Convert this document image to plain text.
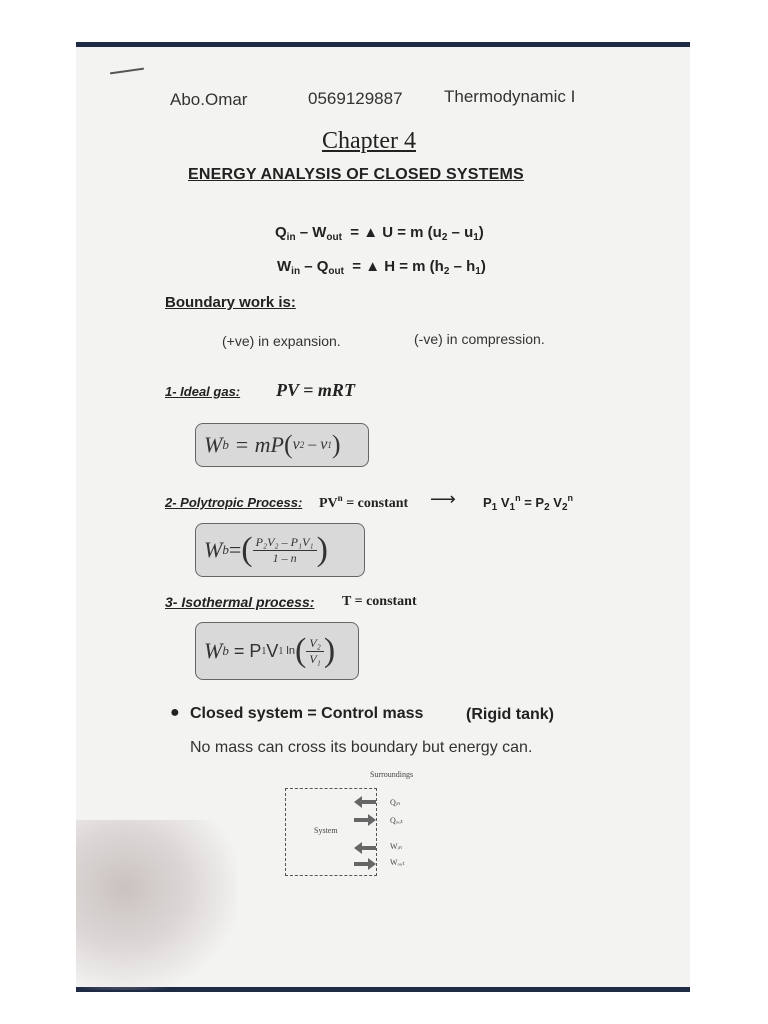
Abo.Omar	0569129887 Thermodynamic I
Chapter 4
ENERGY ANALYSIS OF CLOSED SYSTEMS
$Q_{in} - W_{out}$  = ▲ U = m $(u_2 - u_1)$
$W_{in} - Q_{out}$  = ▲ H = m $(h_2 - h_1)$
Boundary work is:
(+ve) in expansion.	(-ve) in compression.
1- Ideal gas: PV = mRT
W b = mP ( v 2 – v 1 )
2- Polytropic Process: $PV^n$ = constant ⟶ $P_1$ $V_1^n = P_2$ $V_2^n$
W b = ( $\frac{\text{P₂V₂ – P₁V₁}}{1 - n}$ )
3- Isothermal process: T = constant
W b = P 1 V 1 ln ( $\frac{\text{V₂}}{\text{V₁}}$ )
● Closed system = Control mass	(Rigid tank)
No mass can cross its boundary but energy can.
Surroundings
System
Qᵢₙ
Qₒᵤₜ
Wᵢₙ
Wₒᵤₜ
